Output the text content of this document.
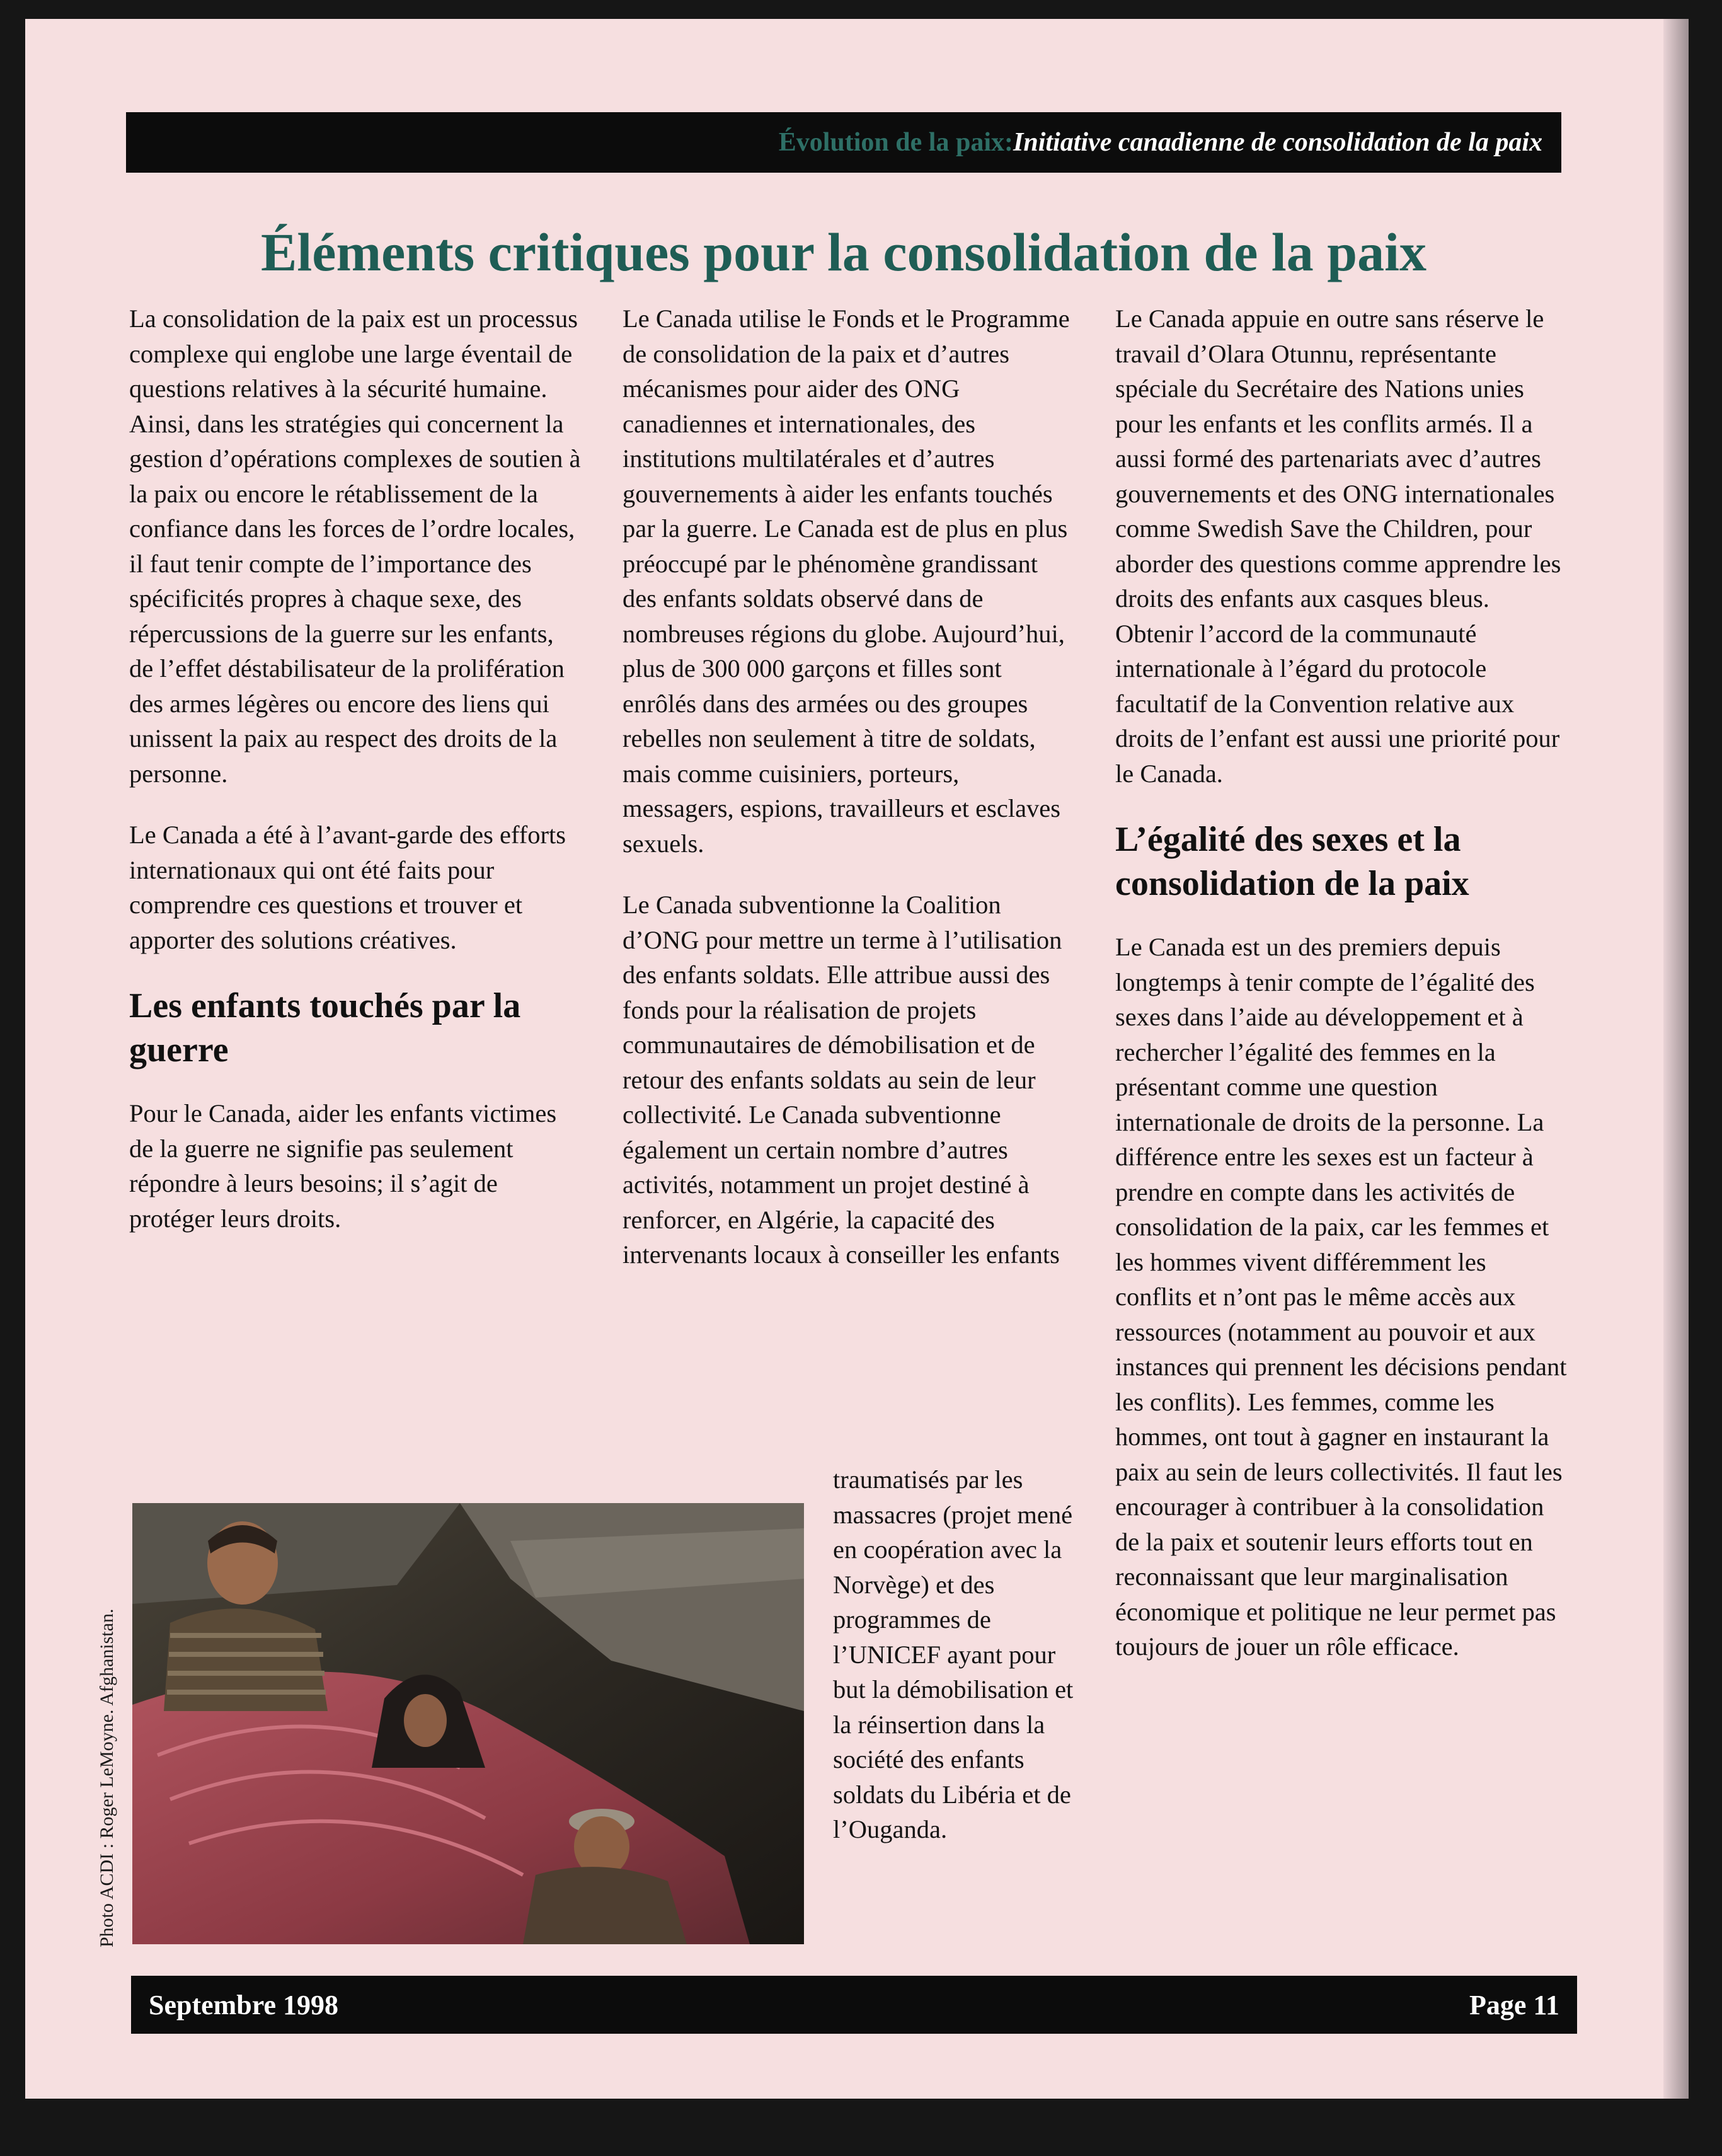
Évolution de la paix : Initiative canadienne de consolidation de la paix
Éléments critiques pour la consolidation de la paix

La consolidation de la paix est un processus complexe qui englobe une large éventail de questions relatives à la sécurité humaine. Ainsi, dans les stratégies qui concernent la gestion d’opérations complexes de soutien à la paix ou encore le rétablissement de la confiance dans les forces de l’ordre locales, il faut tenir compte de l’importance des spécificités propres à chaque sexe, des répercussions de la guerre sur les enfants, de l’effet déstabilisateur de la prolifération des armes légères ou encore des liens qui unissent la paix au respect des droits de la personne.

Le Canada a été à l’avant-garde des efforts internationaux qui ont été faits pour comprendre ces questions et trouver et apporter des solutions créatives.

Les enfants touchés par la guerre

Pour le Canada, aider les enfants victimes de la guerre ne signifie pas seulement répondre à leurs besoins; il s’agit de protéger leurs droits.

Le Canada utilise le Fonds et le Programme de consolidation de la paix et d’autres mécanismes pour aider des ONG canadiennes et internationales, des institutions multilatérales et d’autres gouvernements à aider les enfants touchés par la guerre. Le Canada est de plus en plus préoccupé par le phénomène grandissant des enfants soldats observé dans de nombreuses régions du globe. Aujourd’hui, plus de 300 000 garçons et filles sont enrôlés dans des armées ou des groupes rebelles non seulement à titre de soldats, mais comme cuisiniers, porteurs, messagers, espions, travailleurs et esclaves sexuels.

Le Canada subventionne la Coalition d’ONG pour mettre un terme à l’utilisation des enfants soldats. Elle attribue aussi des fonds pour la réalisation de projets communautaires de démobilisation et de retour des enfants soldats au sein de leur collectivité. Le Canada subventionne également un certain nombre d’autres activités, notamment un projet destiné à renforcer, en Algérie, la capacité des intervenants locaux à conseiller les enfants

traumatisés par les massacres (projet mené en coopération avec la Norvège) et des programmes de l’UNICEF ayant pour but la démobilisation et la réinsertion dans la société des enfants soldats du Libéria et de l’Ouganda.

Le Canada appuie en outre sans réserve le travail d’Olara Otunnu, représentante spéciale du Secrétaire des Nations unies pour les enfants et les conflits armés. Il a aussi formé des partenariats avec d’autres gouvernements et des ONG internationales comme Swedish Save the Children, pour aborder des questions comme apprendre les droits des enfants aux casques bleus. Obtenir l’accord de la communauté internationale à l’égard du protocole facultatif de la Convention relative aux droits de l’enfant est aussi une priorité pour le Canada.

L’égalité des sexes et la consolidation de la paix

Le Canada est un des premiers depuis longtemps à tenir compte de l’égalité des sexes dans l’aide au développement et à rechercher l’égalité des femmes en la présentant comme une question internationale de droits de la personne. La différence entre les sexes est un facteur à prendre en compte dans les activités de consolidation de la paix, car les femmes et les hommes vivent différemment les conflits et n’ont pas le même accès aux ressources (notamment au pouvoir et aux instances qui prennent les décisions pendant les conflits). Les femmes, comme les hommes, ont tout à gagner en instaurant la paix au sein de leurs collectivités. Il faut les encourager à contribuer à la consolidation de la paix et soutenir leurs efforts tout en reconnaissant que leur marginalisation économique et politique ne leur permet pas toujours de jouer un rôle efficace.

Photo ACDI : Roger LeMoyne. Afghanistan.
Septembre 1998	Page 11
